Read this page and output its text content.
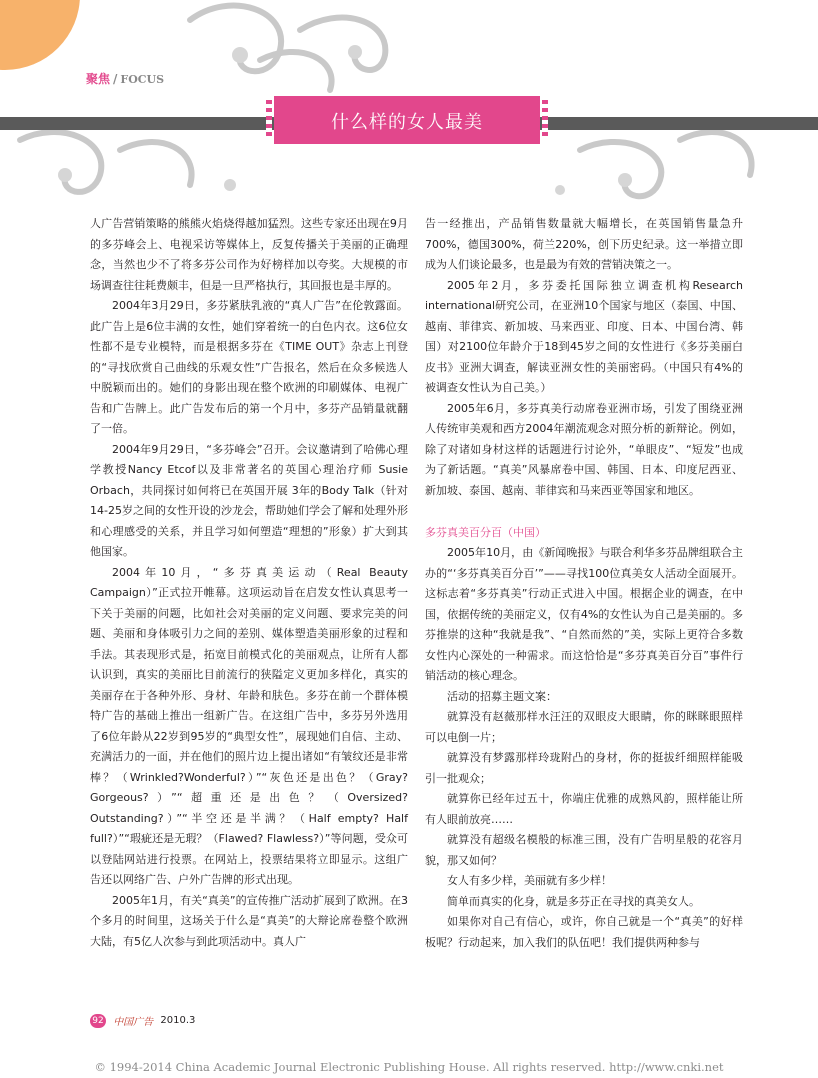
聚焦 / FOCUS
什么样的女人最美

人广告营销策略的熊熊火焰烧得越加猛烈。这些专家还出现在9月的多芬峰会上、电视采访等媒体上，反复传播关于美丽的正确理念，当然也少不了将多芬公司作为好榜样加以夸奖。大规模的市场调查往往耗费颇丰，但是一旦严格执行，其回报也是丰厚的。

2004年3月29日，多芬紧肤乳液的“真人广告”在伦敦露面。此广告上是6位丰满的女性，她们穿着统一的白色内衣。这6位女性都不是专业模特，而是根据多芬在《TIME OUT》杂志上刊登的“寻找欣赏自己曲线的乐观女性”广告报名，然后在众多候选人中脱颖而出的。她们的身影出现在整个欧洲的印刷媒体、电视广告和广告牌上。此广告发布后的第一个月中，多芬产品销量就翻了一倍。

2004年9月29日，“多芬峰会”召开。会议邀请到了哈佛心理学教授Nancy Etcof以及非常著名的英国心理治疗师 Susie Orbach，共同探讨如何将已在英国开展 3年的Body Talk（针对14-25岁之间的女性开设的沙龙会，帮助她们学会了解和处理外形和心理感受的关系，并且学习如何塑造“理想的”形象）扩大到其他国家。

2004年10月，“多芬真美运动（Real Beauty Campaign）”正式拉开帷幕。这项运动旨在启发女性认真思考一下关于美丽的问题，比如社会对美丽的定义问题、要求完美的问题、美丽和身体吸引力之间的差别、媒体塑造美丽形象的过程和手法。其表现形式是，拓宽目前模式化的美丽观点，让所有人都认识到，真实的美丽比目前流行的狭隘定义更加多样化，真实的美丽存在于各种外形、身材、年龄和肤色。多芬在前一个群体模特广告的基础上推出一组新广告。在这组广告中，多芬另外选用了6位年龄从22岁到95岁的“典型女性”，展现她们自信、主动、充满活力的一面，并在他们的照片边上提出诸如“有皱纹还是非常棒？（Wrinkled?Wonderful?）”“灰色还是出色？（Gray? Gorgeous?）”“超重还是出色？（Oversized? Outstanding?）”“半空还是半满？（Half empty? Half full?）”“瑕疵还是无瑕？（Flawed? Flawless?）”等问题，受众可以登陆网站进行投票。在网站上，投票结果将立即显示。这组广告还以网络广告、户外广告牌的形式出现。

2005年1月，有关“真美”的宣传推广活动扩展到了欧洲。在3个多月的时间里，这场关于什么是“真美”的大辩论席卷整个欧洲大陆，有5亿人次参与到此项活动中。真人广

告一经推出，产品销售数量就大幅增长，在英国销售量急升700%，德国300%，荷兰220%，创下历史纪录。这一举措立即成为人们谈论最多，也是最为有效的营销决策之一。

2005年2月，多芬委托国际独立调查机构Research international研究公司，在亚洲10个国家与地区（泰国、中国、越南、菲律宾、新加坡、马来西亚、印度、日本、中国台湾、韩国）对2100位年龄介于18到45岁之间的女性进行《多芬美丽白皮书》亚洲大调查，解读亚洲女性的美丽密码。（中国只有4%的被调查女性认为自己美。）

2005年6月，多芬真美行动席卷亚洲市场，引发了围绕亚洲人传统审美观和西方2004年潮流观念对照分析的新辩论。例如，除了对诸如身材这样的话题进行讨论外，“单眼皮”、“短发”也成为了新话题。“真美”风暴席卷中国、韩国、日本、印度尼西亚、新加坡、泰国、越南、菲律宾和马来西亚等国家和地区。

多芬真美百分百（中国）

2005年10月，由《新闻晚报》与联合利华多芬品牌组联合主办的“‘多芬真美百分百’”——寻找100位真美女人活动全面展开。这标志着“多芬真美”行动正式进入中国。根据企业的调查，在中国，依据传统的美丽定义，仅有4%的女性认为自己是美丽的。多芬推崇的这种“我就是我”、“自然而然的”美，实际上更符合多数女性内心深处的一种需求。而这恰恰是“多芬真美百分百”事件行销活动的核心理念。

活动的招募主题文案：

就算没有赵薇那样水汪汪的双眼皮大眼睛，你的眯眯眼照样可以电倒一片；

就算没有梦露那样玲珑附凸的身材，你的挺拔纤细照样能吸引一批观众；

就算你已经年过五十，你端庄优雅的成熟风韵，照样能让所有人眼前放亮……

就算没有超级名模般的标准三围，没有广告明星般的花容月貌，那又如何？

女人有多少样，美丽就有多少样！

简单而真实的化身，就是多芬正在寻找的真美女人。

如果你对自己有信心，或许，你自己就是一个“真美”的好样板呢？行动起来，加入我们的队伍吧！我们提供两种参与

92 中国广告 2010.3
© 1994-2014 China Academic Journal Electronic Publishing House. All rights reserved. http://www.cnki.net
